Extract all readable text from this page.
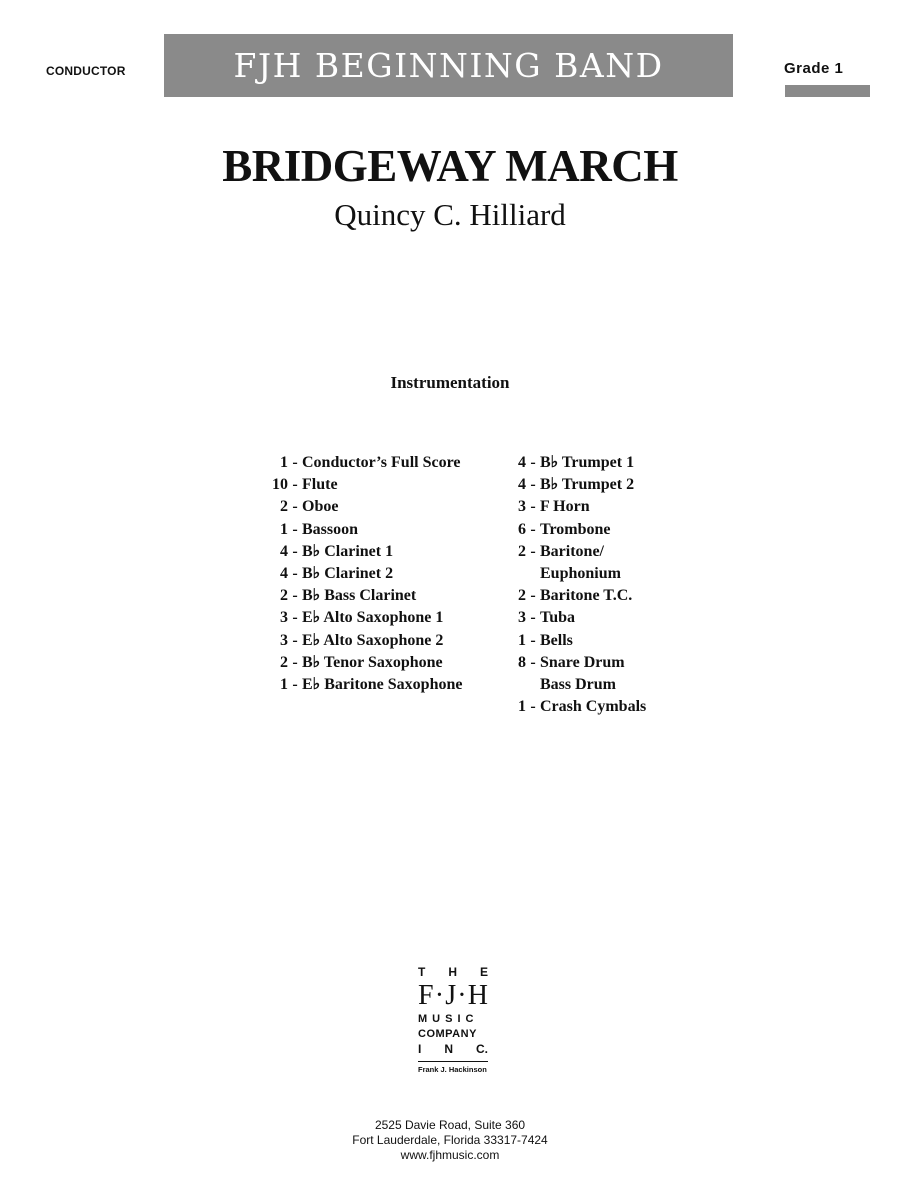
CONDUCTOR	FJH BEGINNING BAND	Grade 1
BRIDGEWAY MARCH
Quincy C. Hilliard
Instrumentation
1 - Conductor’s Full Score
10 - Flute
2 - Oboe
1 - Bassoon
4 - B♭ Clarinet 1
4 - B♭ Clarinet 2
2 - B♭ Bass Clarinet
3 - E♭ Alto Saxophone 1
3 - E♭ Alto Saxophone 2
2 - B♭ Tenor Saxophone
1 - E♭ Baritone Saxophone
4 - B♭ Trumpet 1
4 - B♭ Trumpet 2
3 - F Horn
6 - Trombone
2 - Baritone/
Euphonium
2 - Baritone T.C.
3 - Tuba
1 - Bells
8 - Snare Drum
Bass Drum
1 - Crash Cymbals
T H E
F · J · H
MUSIC
COMPANY
I N C.
Frank J. Hackinson
2525 Davie Road, Suite 360
Fort Lauderdale, Florida 33317-7424
www.fjhmusic.com
